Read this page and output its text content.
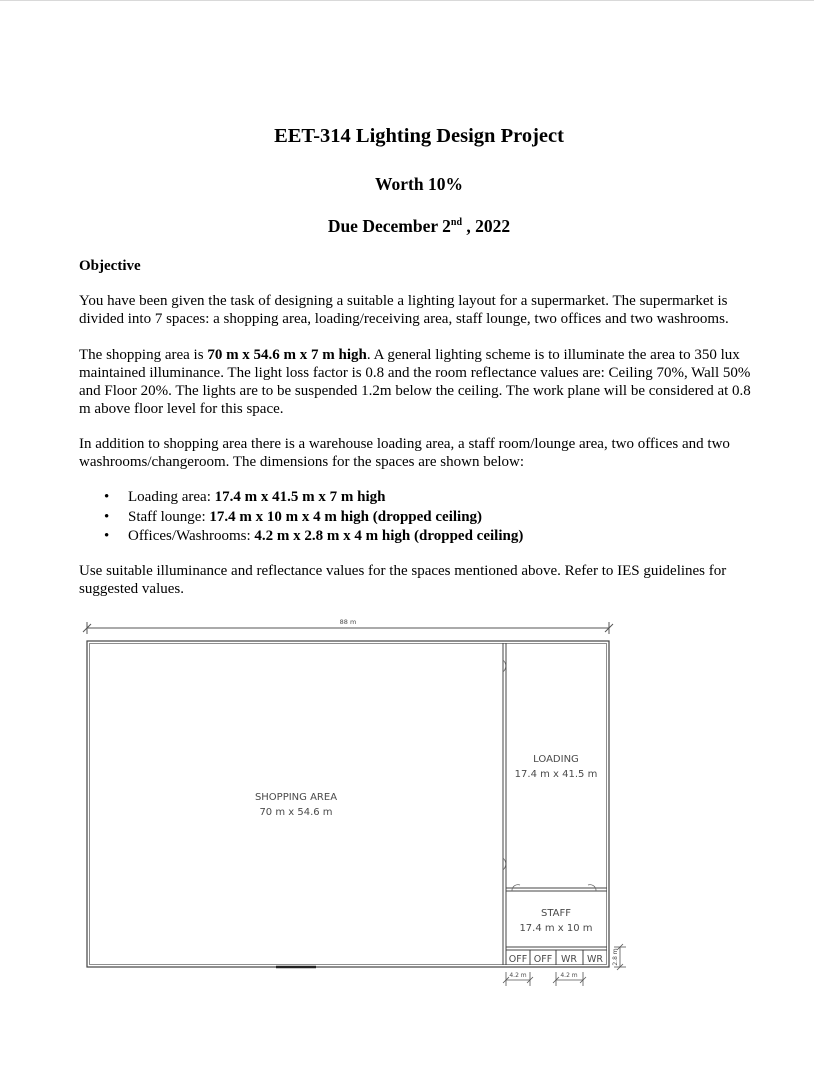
EET-314 Lighting Design Project
Worth 10%
Due December 2nd , 2022
Objective
You have been given the task of designing a suitable a lighting layout for a supermarket. The supermarket is divided into 7 spaces: a shopping area, loading/receiving area, staff lounge, two offices and two washrooms.
The shopping area is 70 m x 54.6 m x 7 m high. A general lighting scheme is to illuminate the area to 350 lux maintained illuminance. The light loss factor is 0.8 and the room reflectance values are: Ceiling 70%, Wall 50% and Floor 20%. The lights are to be suspended 1.2m below the ceiling. The work plane will be considered at 0.8 m above floor level for this space.
In addition to shopping area there is a warehouse loading area, a staff room/lounge area, two offices and two washrooms/changeroom. The dimensions for the spaces are shown below:
•	Loading area: 17.4 m x 41.5 m x 7 m high
•	Staff lounge: 17.4 m x 10 m x 4 m high (dropped ceiling)
•	Offices/Washrooms: 4.2 m x 2.8 m x 4 m high (dropped ceiling)
Use suitable illuminance and reflectance values for the spaces mentioned above. Refer to IES guidelines for suggested values.
88 m
SHOPPING AREA
70 m x 54.6 m
LOADING
17.4 m x 41.5 m
STAFF
17.4 m x 10 m
OFF OFF WR WR
4.2 m	4.2 m
2.8 m
